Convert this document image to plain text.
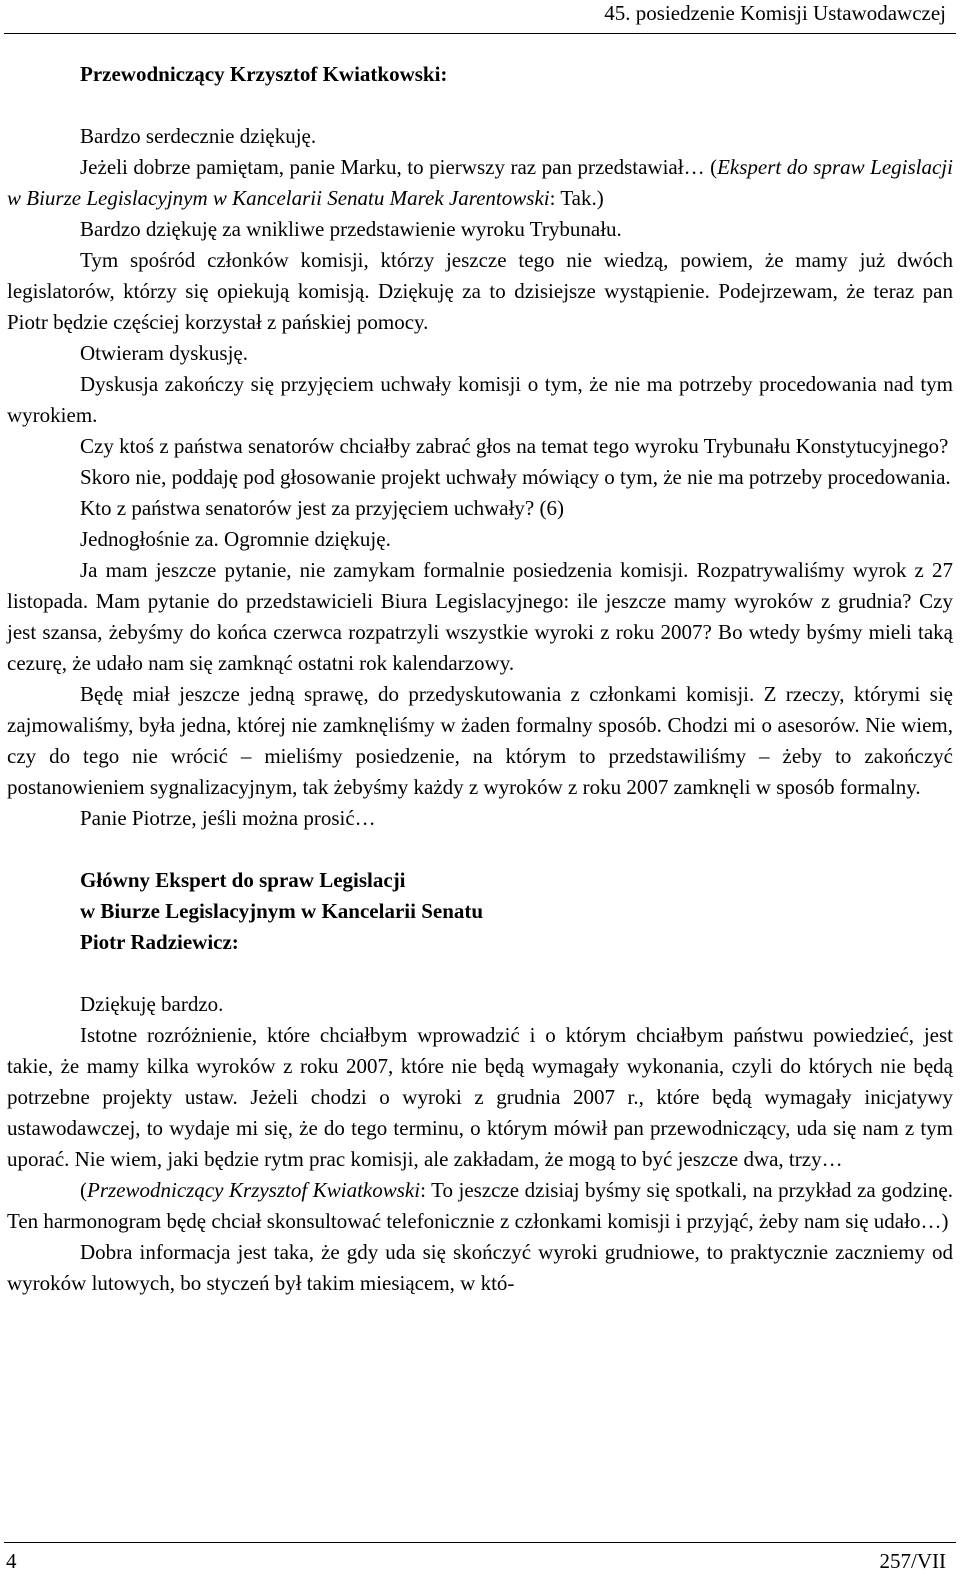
45. posiedzenie Komisji Ustawodawczej
Przewodniczący Krzysztof Kwiatkowski:

Bardzo serdecznie dziękuję.

Jeżeli dobrze pamiętam, panie Marku, to pierwszy raz pan przedstawiał… (Ekspert do spraw Legislacji w Biurze Legislacyjnym w Kancelarii Senatu Marek Jarentowski: Tak.)

Bardzo dziękuję za wnikliwe przedstawienie wyroku Trybunału.

Tym spośród członków komisji, którzy jeszcze tego nie wiedzą, powiem, że mamy już dwóch legislatorów, którzy się opiekują komisją. Dziękuję za to dzisiejsze wystąpienie. Podejrzewam, że teraz pan Piotr będzie częściej korzystał z pańskiej pomocy.

Otwieram dyskusję.

Dyskusja zakończy się przyjęciem uchwały komisji o tym, że nie ma potrzeby procedowania nad tym wyrokiem.

Czy ktoś z państwa senatorów chciałby zabrać głos na temat tego wyroku Trybunału Konstytucyjnego?

Skoro nie, poddaję pod głosowanie projekt uchwały mówiący o tym, że nie ma potrzeby procedowania.

Kto z państwa senatorów jest za przyjęciem uchwały? (6)

Jednogłośnie za. Ogromnie dziękuję.

Ja mam jeszcze pytanie, nie zamykam formalnie posiedzenia komisji. Rozpatrywaliśmy wyrok z 27 listopada. Mam pytanie do przedstawicieli Biura Legislacyjnego: ile jeszcze mamy wyroków z grudnia? Czy jest szansa, żebyśmy do końca czerwca rozpatrzyli wszystkie wyroki z roku 2007? Bo wtedy byśmy mieli taką cezurę, że udało nam się zamknąć ostatni rok kalendarzowy.

Będę miał jeszcze jedną sprawę, do przedyskutowania z członkami komisji. Z rzeczy, którymi się zajmowaliśmy, była jedna, której nie zamknęliśmy w żaden formalny sposób. Chodzi mi o asesorów. Nie wiem, czy do tego nie wrócić – mieliśmy posiedzenie, na którym to przedstawiliśmy – żeby to zakończyć postanowieniem sygnalizacyjnym, tak żebyśmy każdy z wyroków z roku 2007 zamknęli w sposób formalny.

Panie Piotrze, jeśli można prosić…

Główny Ekspert do spraw Legislacji
w Biurze Legislacyjnym w Kancelarii Senatu
Piotr Radziewicz:

Dziękuję bardzo.

Istotne rozróżnienie, które chciałbym wprowadzić i o którym chciałbym państwu powiedzieć, jest takie, że mamy kilka wyroków z roku 2007, które nie będą wymagały wykonania, czyli do których nie będą potrzebne projekty ustaw. Jeżeli chodzi o wyroki z grudnia 2007 r., które będą wymagały inicjatywy ustawodawczej, to wydaje mi się, że do tego terminu, o którym mówił pan przewodniczący, uda się nam z tym uporać. Nie wiem, jaki będzie rytm prac komisji, ale zakładam, że mogą to być jeszcze dwa, trzy…

(Przewodniczący Krzysztof Kwiatkowski: To jeszcze dzisiaj byśmy się spotkali, na przykład za godzinę. Ten harmonogram będę chciał skonsultować telefonicznie z członkami komisji i przyjąć, żeby nam się udało…)

Dobra informacja jest taka, że gdy uda się skończyć wyroki grudniowe, to praktycznie zaczniemy od wyroków lutowych, bo styczeń był takim miesiącem, w któ-

4	257/VII
